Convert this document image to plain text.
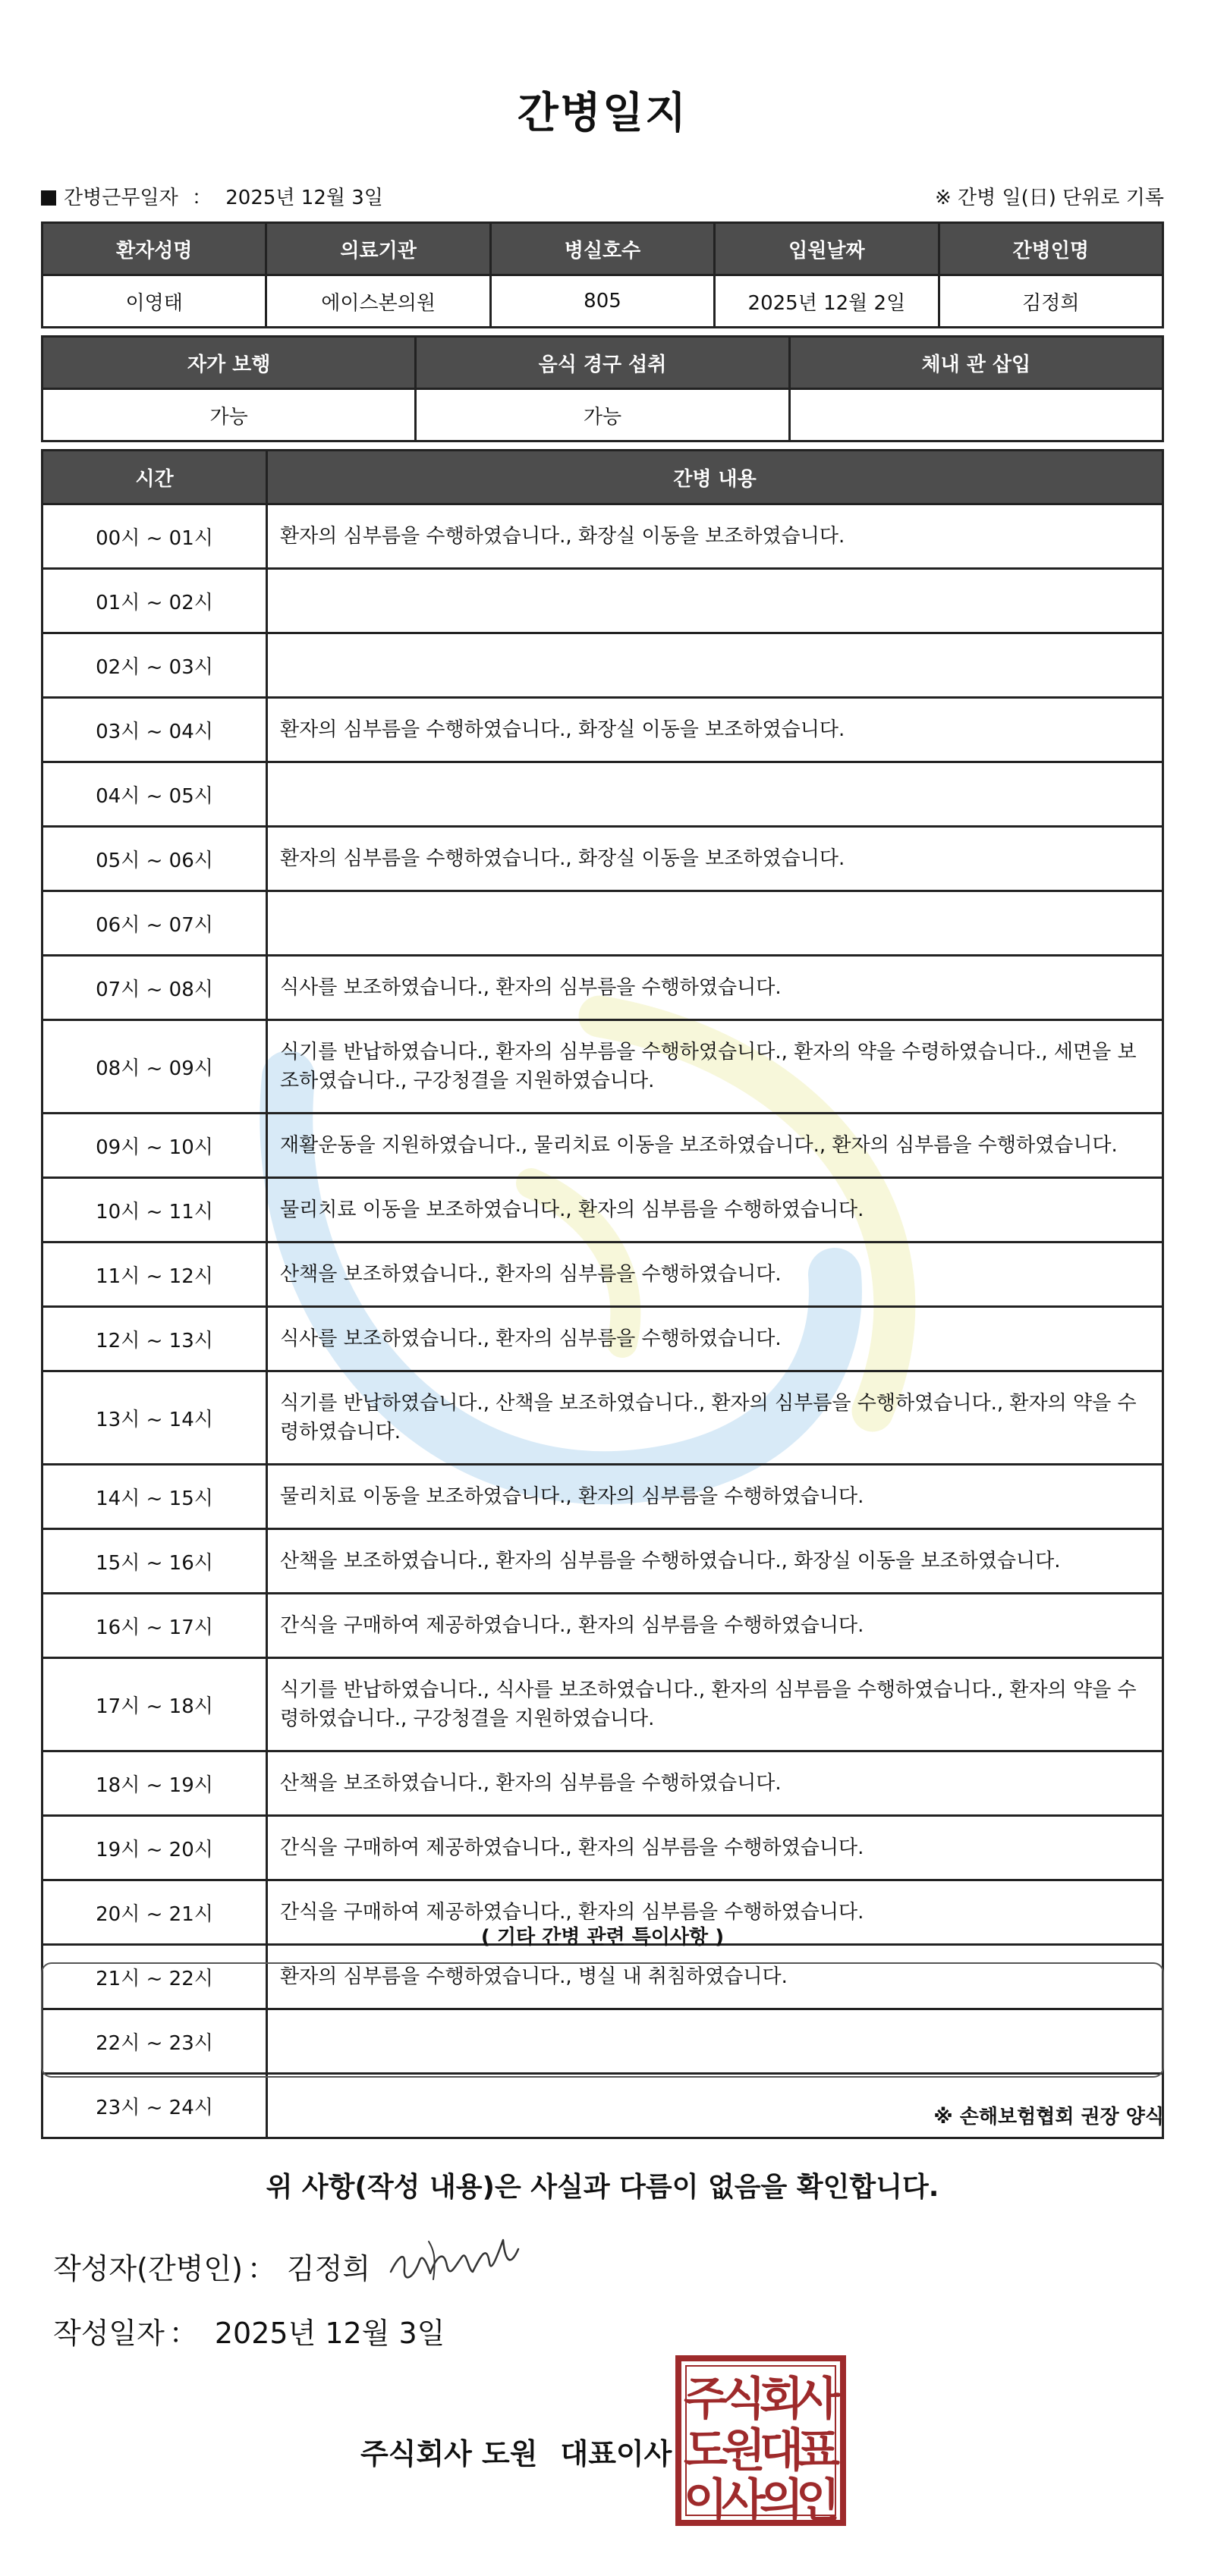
간병일지
간병근무일자 ： 2025년 12월 3일	※ 간병 일(日) 단위로 기록
환자성명	의료기관	병실호수	입원날짜	간병인명
이영태	에이스본의원	805	2025년 12월 2일	김정희
자가 보행	음식 경구 섭취	체내 관 삽입
가능	가능	
시간	간병 내용
00시 ~ 01시	환자의 심부름을 수행하였습니다., 화장실 이동을 보조하였습니다.
01시 ~ 02시	
02시 ~ 03시	
03시 ~ 04시	환자의 심부름을 수행하였습니다., 화장실 이동을 보조하였습니다.
04시 ~ 05시	
05시 ~ 06시	환자의 심부름을 수행하였습니다., 화장실 이동을 보조하였습니다.
06시 ~ 07시	
07시 ~ 08시	식사를 보조하였습니다., 환자의 심부름을 수행하였습니다.
08시 ~ 09시	식기를 반납하였습니다., 환자의 심부름을 수행하였습니다., 환자의 약을 수령하였습니다., 세면을 보조하였습니다., 구강청결을 지원하였습니다.
09시 ~ 10시	재활운동을 지원하였습니다., 물리치료 이동을 보조하였습니다., 환자의 심부름을 수행하였습니다.
10시 ~ 11시	물리치료 이동을 보조하였습니다., 환자의 심부름을 수행하였습니다.
11시 ~ 12시	산책을 보조하였습니다., 환자의 심부름을 수행하였습니다.
12시 ~ 13시	식사를 보조하였습니다., 환자의 심부름을 수행하였습니다.
13시 ~ 14시	식기를 반납하였습니다., 산책을 보조하였습니다., 환자의 심부름을 수행하였습니다., 환자의 약을 수령하였습니다.
14시 ~ 15시	물리치료 이동을 보조하였습니다., 환자의 심부름을 수행하였습니다.
15시 ~ 16시	산책을 보조하였습니다., 환자의 심부름을 수행하였습니다., 화장실 이동을 보조하였습니다.
16시 ~ 17시	간식을 구매하여 제공하였습니다., 환자의 심부름을 수행하였습니다.
17시 ~ 18시	식기를 반납하였습니다., 식사를 보조하였습니다., 환자의 심부름을 수행하였습니다., 환자의 약을 수령하였습니다., 구강청결을 지원하였습니다.
18시 ~ 19시	산책을 보조하였습니다., 환자의 심부름을 수행하였습니다.
19시 ~ 20시	간식을 구매하여 제공하였습니다., 환자의 심부름을 수행하였습니다.
20시 ~ 21시	간식을 구매하여 제공하였습니다., 환자의 심부름을 수행하였습니다.
21시 ~ 22시	환자의 심부름을 수행하였습니다., 병실 내 취침하였습니다.
22시 ~ 23시	
23시 ~ 24시	
( 기타 간병 관련 특이사항 )
※ 손해보험협회 권장 양식
위 사항(작성 내용)은 사실과 다름이 없음을 확인합니다.
작성자(간병인) ： 김정희
작성일자 ： 2025년 12월 3일
주식회사 도원 대표이사
주
식
회
사
도
원
대
표
이
사
의
인
